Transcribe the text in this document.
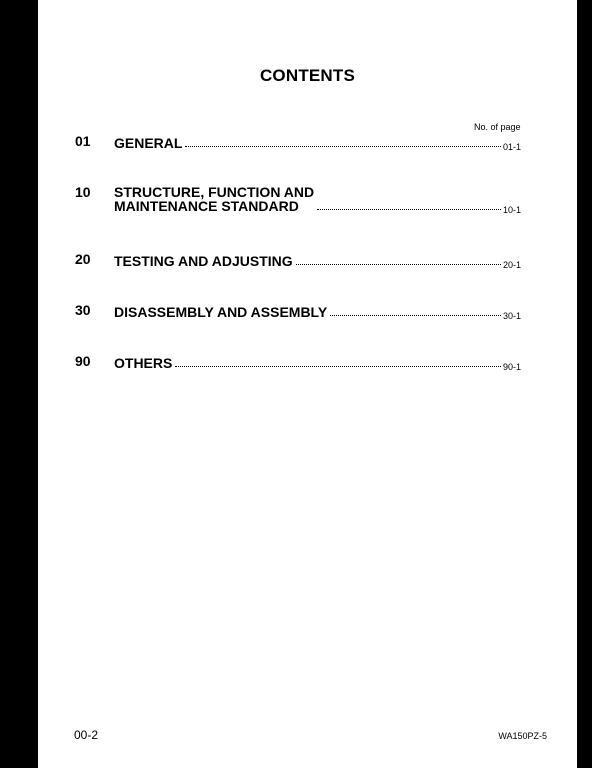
CONTENTS
No. of page
01 GENERAL	01-1
10 STRUCTURE, FUNCTION AND
MAINTENANCE STANDARD	10-1
20 TESTING AND ADJUSTING	20-1
30 DISASSEMBLY AND ASSEMBLY	30-1
90 OTHERS	90-1
00-2	WA150PZ-5
